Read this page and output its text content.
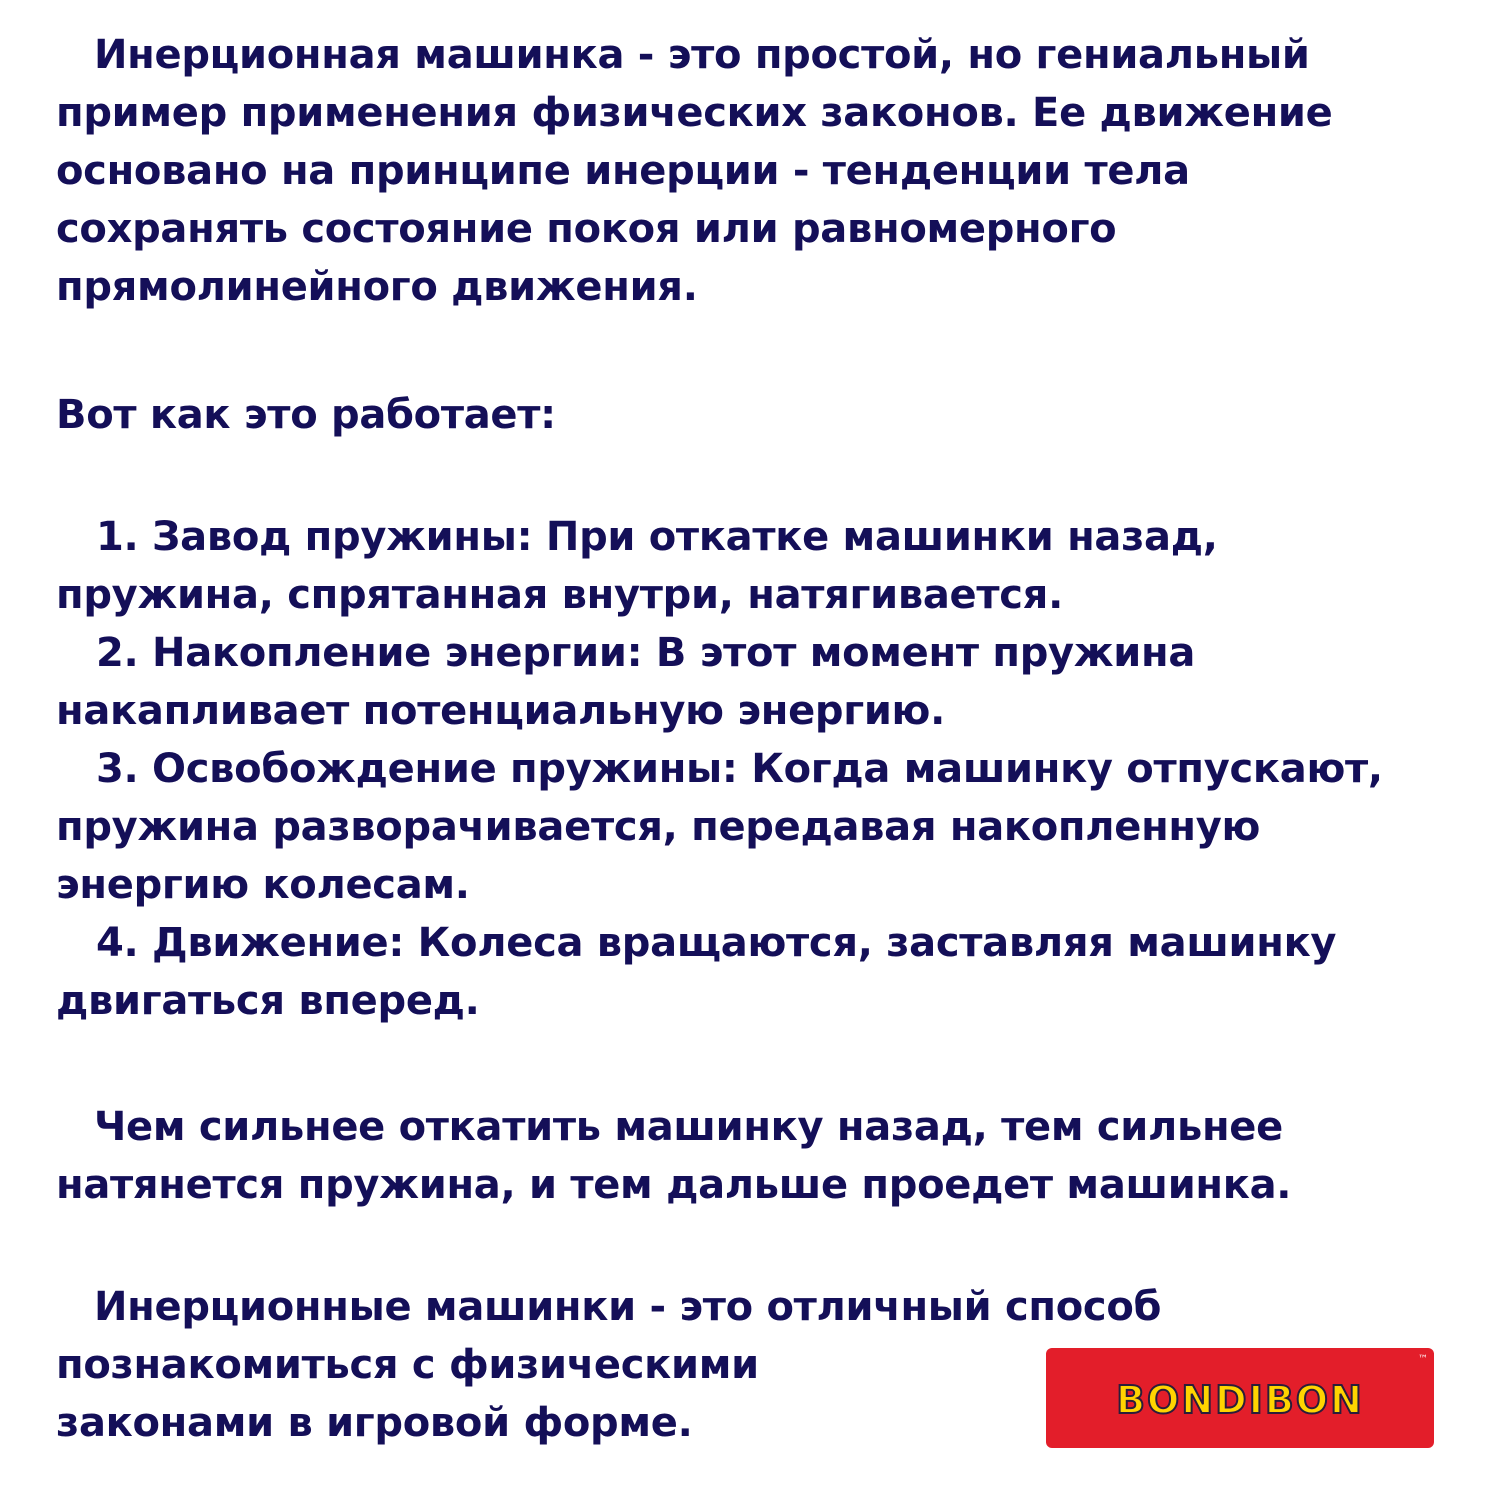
Инерционная машинка - это простой, но гениальный
пример применения физических законов. Ее движение
основано на принципе инерции - тенденции тела
сохранять состояние покоя или равномерного
прямолинейного движения.
Вот как это работает:
1. Завод пружины: При откатке машинки назад,
пружина, спрятанная внутри, натягивается.
2. Накопление энергии: В этот момент пружина
накапливает потенциальную энергию.
3. Освобождение пружины: Когда машинку отпускают,
пружина разворачивается, передавая накопленную
энергию колесам.
4. Движение: Колеса вращаются, заставляя машинку
двигаться вперед.
Чем сильнее откатить машинку назад, тем сильнее
натянется пружина, и тем дальше проедет машинка.
Инерционные машинки - это отличный способ
познакомиться с физическими
законами в игровой форме.
™
BONDIBON
